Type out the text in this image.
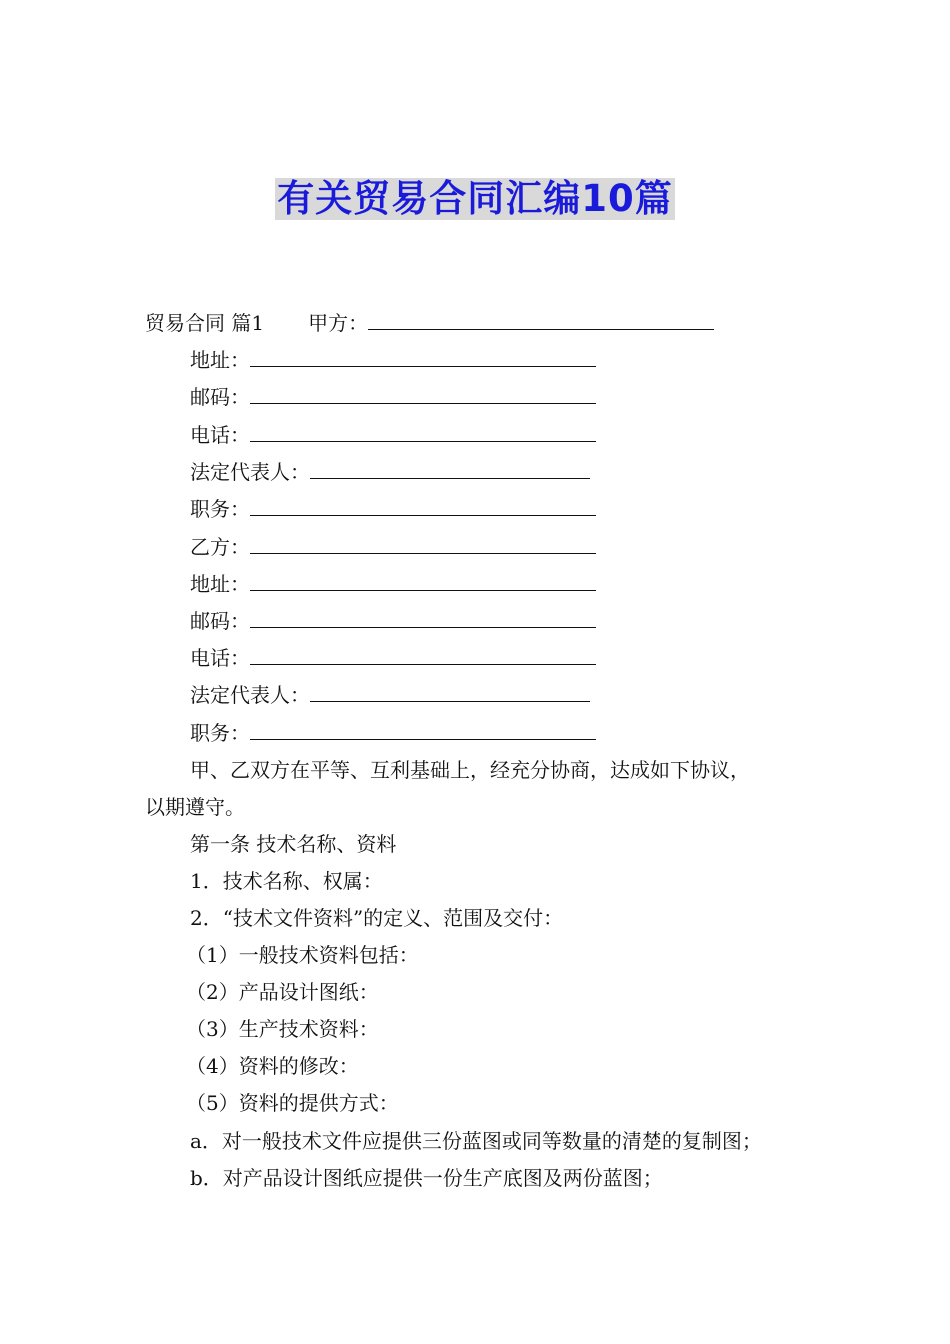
有关贸易合同汇编10篇
贸易合同 篇1 甲方：
地址：
邮码：
电话：
法定代表人：
职务：
乙方：
地址：
邮码：
电话：
法定代表人：
职务：
甲、乙双方在平等、互利基础上，经充分协商，达成如下协议，
以期遵守。
第一条 技术名称、资料
1．技术名称、权属：
2．“技术文件资料”的定义、范围及交付：
（1）一般技术资料包括：
（2）产品设计图纸：
（3）生产技术资料：
（4）资料的修改：
（5）资料的提供方式：
a．对一般技术文件应提供三份蓝图或同等数量的清楚的复制图；
b．对产品设计图纸应提供一份生产底图及两份蓝图；
